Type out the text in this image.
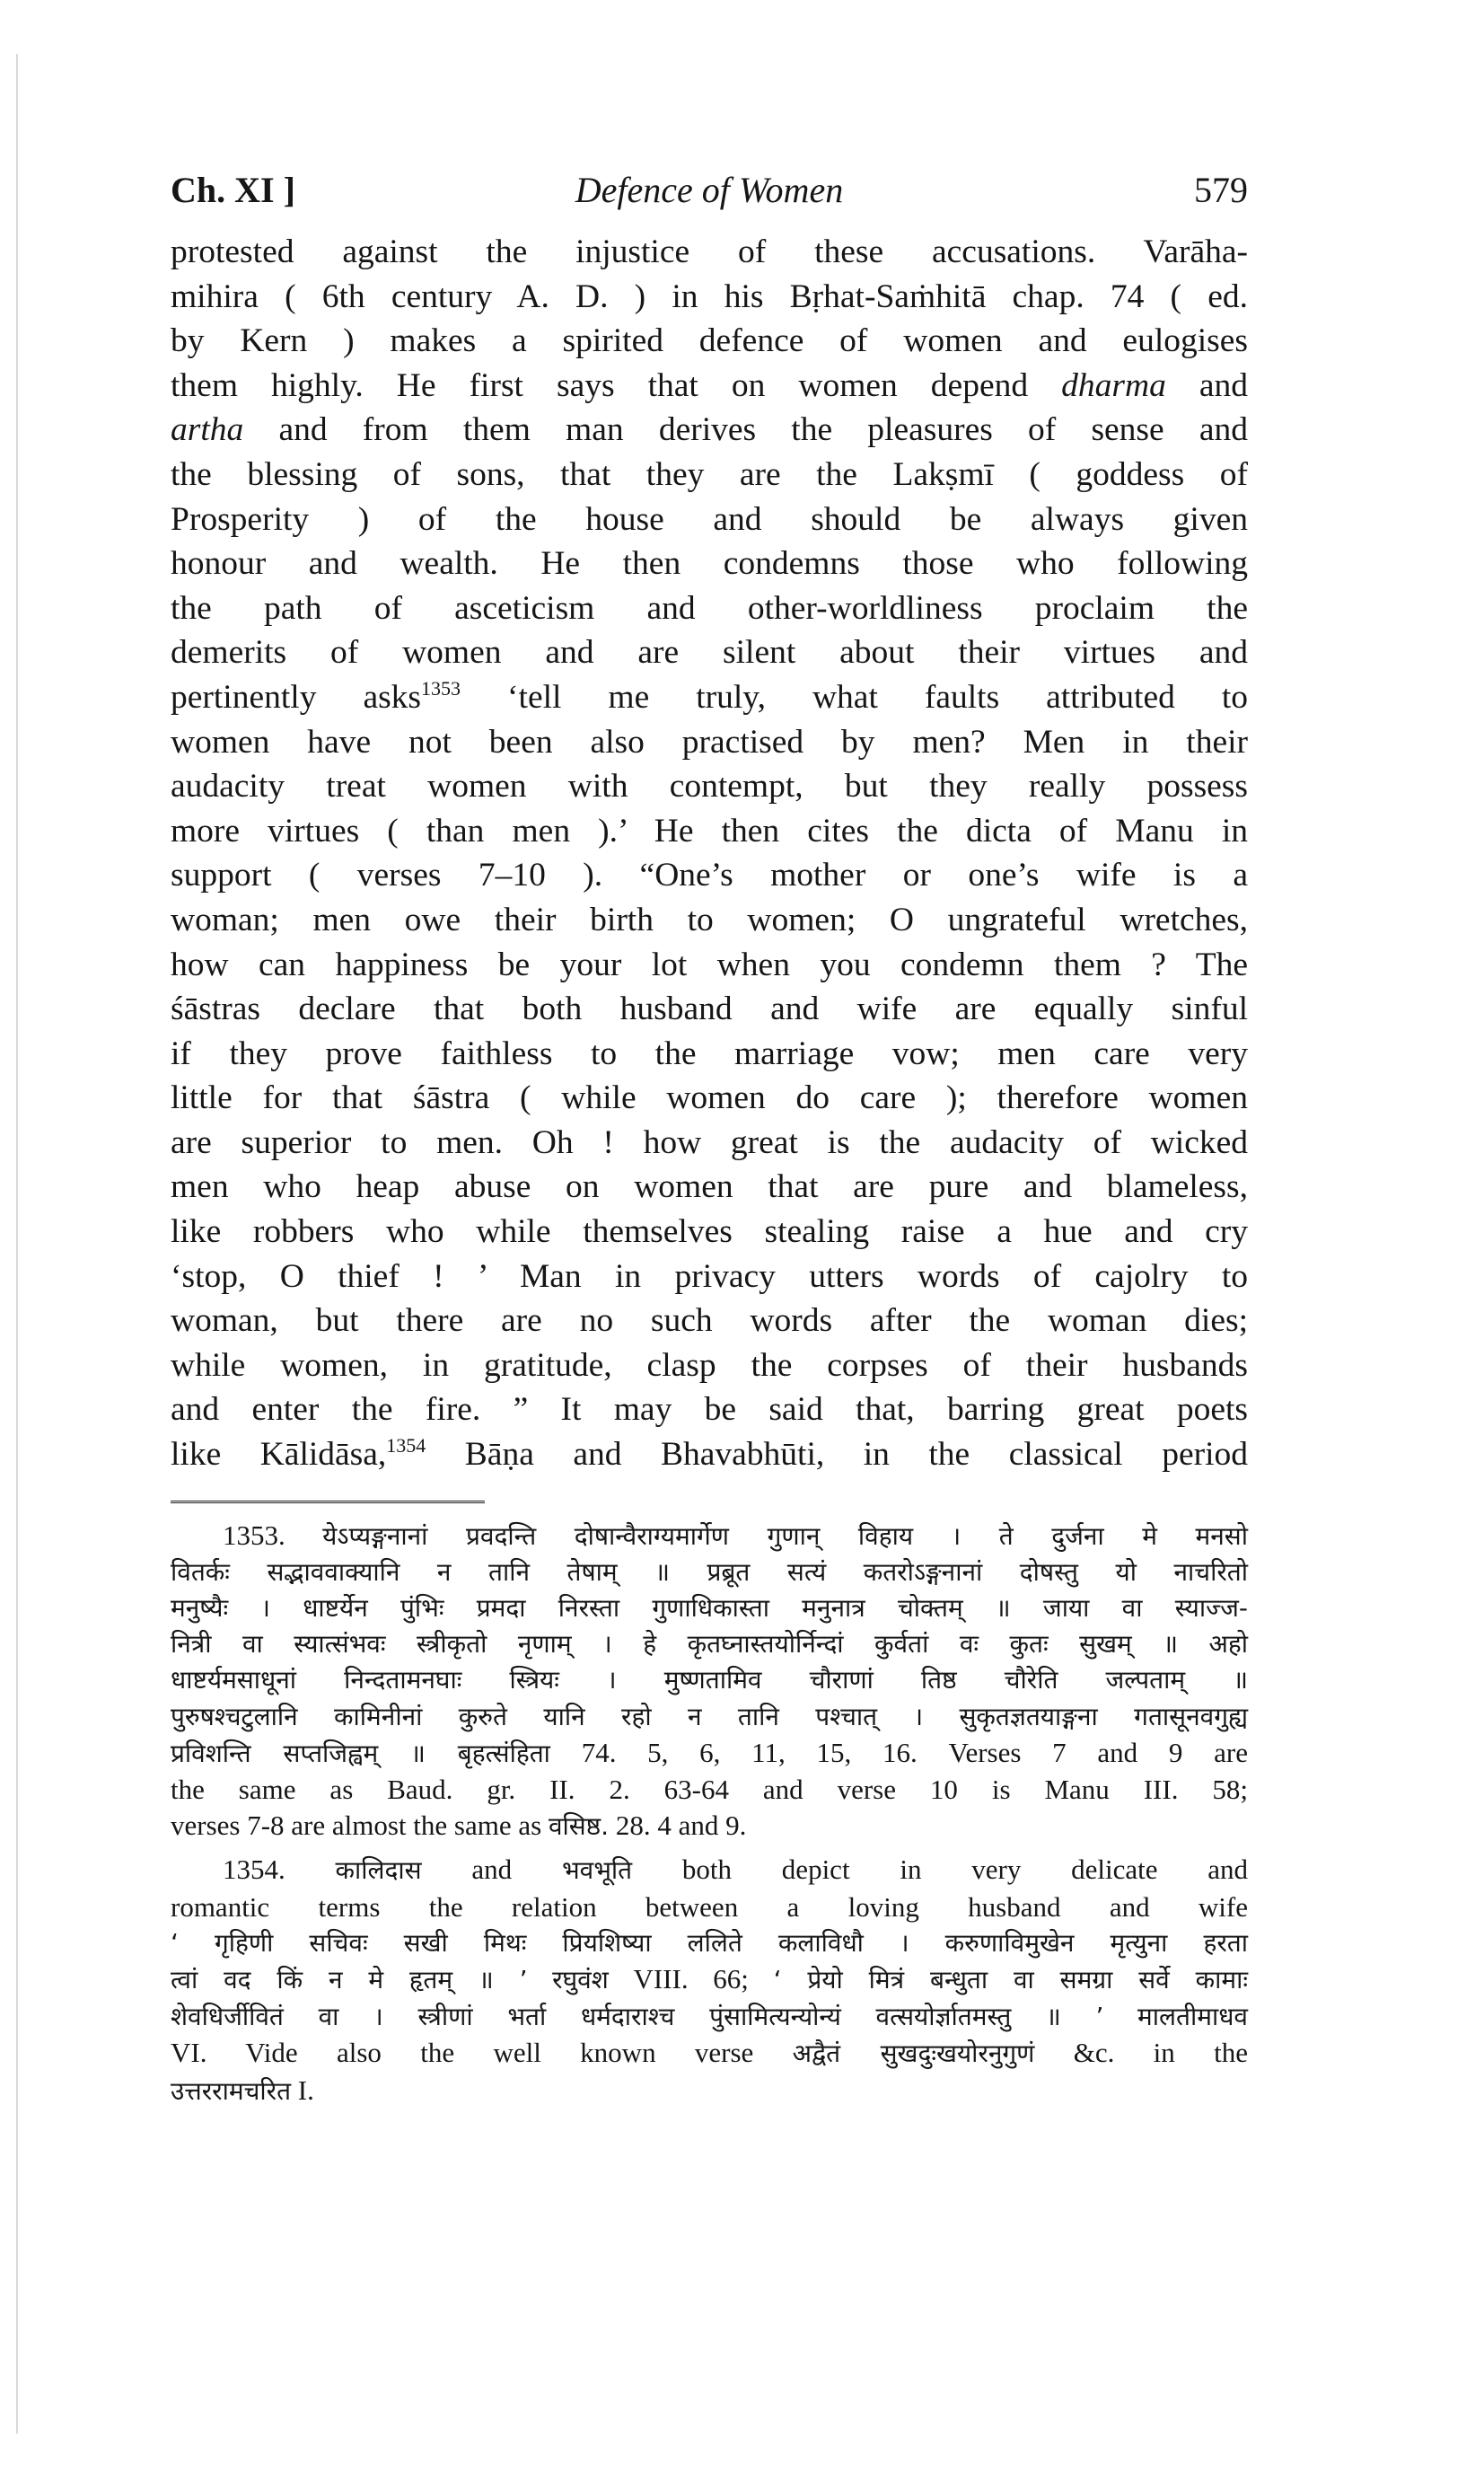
Ch. XI ]	Defence of Women	579
protested against the injustice of these accusations. Varāha-
mihira ( 6th century A. D. ) in his Bṛhat-Saṁhitā chap. 74 ( ed.
by Kern ) makes a spirited defence of women and eulogises
them highly. He first says that on women depend dharma and
artha and from them man derives the pleasures of sense and
the blessing of sons, that they are the Lakṣmī ( goddess of
Prosperity ) of the house and should be always given
honour and wealth. He then condemns those who following
the path of asceticism and other-worldliness proclaim the
demerits of women and are silent about their virtues and
pertinently asks$^{1353}$ ‘tell me truly, what faults attributed to
women have not been also practised by men? Men in their
audacity treat women with contempt, but they really possess
more virtues ( than men ).’ He then cites the dicta of Manu in
support ( verses 7–10 ). “One’s mother or one’s wife is a
woman; men owe their birth to women; O ungrateful wretches,
how can happiness be your lot when you condemn them ? The
śāstras declare that both husband and wife are equally sinful
if they prove faithless to the marriage vow; men care very
little for that śāstra ( while women do care ); therefore women
are superior to men. Oh ! how great is the audacity of wicked
men who heap abuse on women that are pure and blameless,
like robbers who while themselves stealing raise a hue and cry
‘stop, O thief ! ’ Man in privacy utters words of cajolry to
woman, but there are no such words after the woman dies;
while women, in gratitude, clasp the corpses of their husbands
and enter the fire. ” It may be said that, barring great poets
like Kālidāsa,$^{1354}$ Bāṇa and Bhavabhūti, in the classical period
1353. येऽप्यङ्गनानां प्रवदन्ति दोषान्वैराग्यमार्गेण गुणान् विहाय । ते दुर्जना मे मनसो
वितर्कः सद्भाववाक्यानि न तानि तेषाम् ॥ प्रब्रूत सत्यं कतरोऽङ्गनानां दोषस्तु यो नाचरितो
मनुष्यैः । धाष्टर्येन पुंभिः प्रमदा निरस्ता गुणाधिकास्ता मनुनात्र चोक्तम् ॥ जाया वा स्याज्ज-
नित्री वा स्यात्संभवः स्त्रीकृतो नृणाम् । हे कृतघ्नास्तयोर्निन्दां कुर्वतां वः कुतः सुखम् ॥ अहो
धाष्टर्यमसाधूनां निन्दतामनघाः स्त्रियः । मुष्णतामिव चौराणां तिष्ठ चौरेति जल्पताम् ॥
पुरुषश्चटुलानि कामिनीनां कुरुते यानि रहो न तानि पश्चात् । सुकृतज्ञतयाङ्गना गतासूनवगुह्य
प्रविशन्ति सप्तजिह्वम् ॥ बृहत्संहिता 74. 5, 6, 11, 15, 16. Verses 7 and 9 are
the same as Baud. gr. II. 2. 63-64 and verse 10 is Manu III. 58;
verses 7-8 are almost the same as वसिष्ठ. 28. 4 and 9.
1354. कालिदास and भवभूति both depict in very delicate and
romantic terms the relation between a loving husband and wife
‘ गृहिणी सचिवः सखी मिथः प्रियशिष्या ललिते कलाविधौ । करुणाविमुखेन मृत्युना हरता
त्वां वद किं न मे हृतम् ॥ ’ रघुवंश VIII. 66; ‘ प्रेयो मित्रं बन्धुता वा समग्रा सर्वे कामाः
शेवधिर्जीवितं वा । स्त्रीणां भर्ता धर्मदाराश्च पुंसामित्यन्योन्यं वत्सयोर्ज्ञातमस्तु ॥ ’ मालतीमाधव
VI. Vide also the well known verse अद्वैतं सुखदुःखयोरनुगुणं &c. in the
उत्तररामचरित I.
